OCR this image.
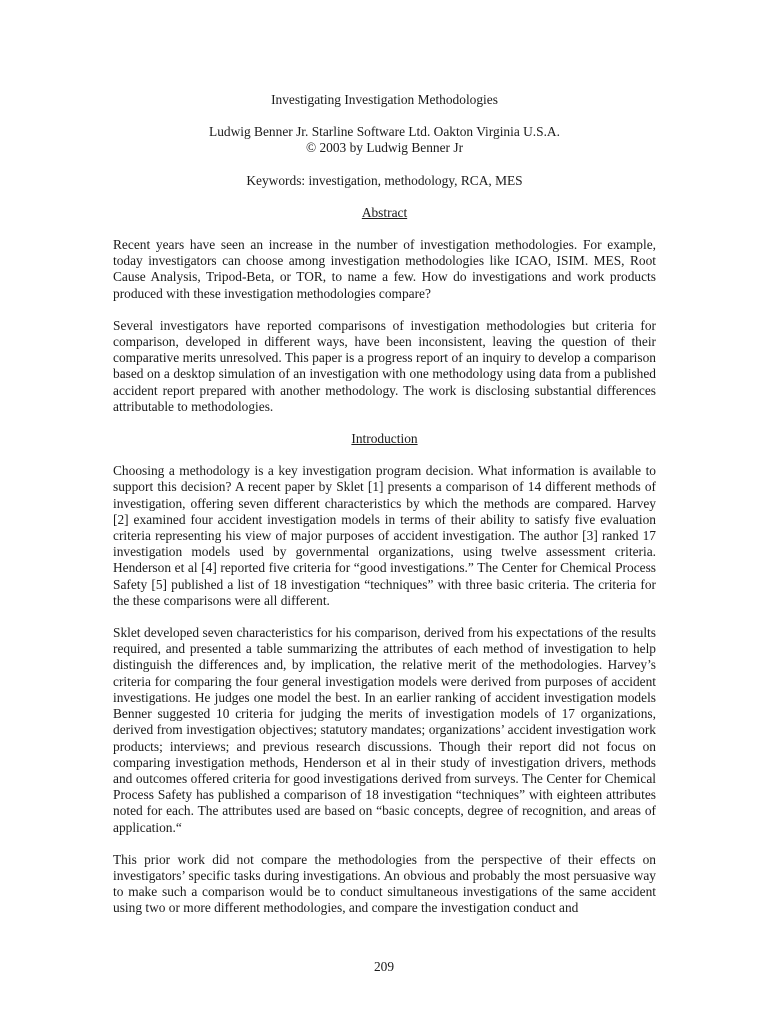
Investigating Investigation Methodologies
Ludwig Benner Jr. Starline Software Ltd. Oakton Virginia U.S.A.
© 2003 by Ludwig Benner Jr
Keywords: investigation, methodology, RCA, MES
Abstract

Recent years have seen an increase in the number of investigation methodologies. For example, today investigators can choose among investigation methodologies like ICAO, ISIM. MES, Root Cause Analysis, Tripod-Beta, or TOR, to name a few. How do investigations and work products produced with these investigation methodologies compare?

Several investigators have reported comparisons of investigation methodologies but criteria for comparison, developed in different ways, have been inconsistent, leaving the question of their comparative merits unresolved. This paper is a progress report of an inquiry to develop a comparison based on a desktop simulation of an investigation with one methodology using data from a published accident report prepared with another methodology. The work is disclosing substantial differences attributable to methodologies.

Introduction

Choosing a methodology is a key investigation program decision. What information is available to support this decision? A recent paper by Sklet [1] presents a comparison of 14 different methods of investigation, offering seven different characteristics by which the methods are compared. Harvey [2] examined four accident investigation models in terms of their ability to satisfy five evaluation criteria representing his view of major purposes of accident investigation. The author [3] ranked 17 investigation models used by governmental organizations, using twelve assessment criteria. Henderson et al [4] reported five criteria for “good investigations.” The Center for Chemical Process Safety [5] published a list of 18 investigation “techniques” with three basic criteria. The criteria for the these comparisons were all different.

Sklet developed seven characteristics for his comparison, derived from his expectations of the results required, and presented a table summarizing the attributes of each method of investigation to help distinguish the differences and, by implication, the relative merit of the methodologies. Harvey’s criteria for comparing the four general investigation models were derived from purposes of accident investigations. He judges one model the best. In an earlier ranking of accident investigation models Benner suggested 10 criteria for judging the merits of investigation models of 17 organizations, derived from investigation objectives; statutory mandates; organizations’ accident investigation work products; interviews; and previous research discussions. Though their report did not focus on comparing investigation methods, Henderson et al in their study of investigation drivers, methods and outcomes offered criteria for good investigations derived from surveys. The Center for Chemical Process Safety has published a comparison of 18 investigation “techniques” with eighteen attributes noted for each. The attributes used are based on “basic concepts, degree of recognition, and areas of application.“

This prior work did not compare the methodologies from the perspective of their effects on investigators’ specific tasks during investigations. An obvious and probably the most persuasive way to make such a comparison would be to conduct simultaneous investigations of the same accident using two or more different methodologies, and compare the investigation conduct and

209
